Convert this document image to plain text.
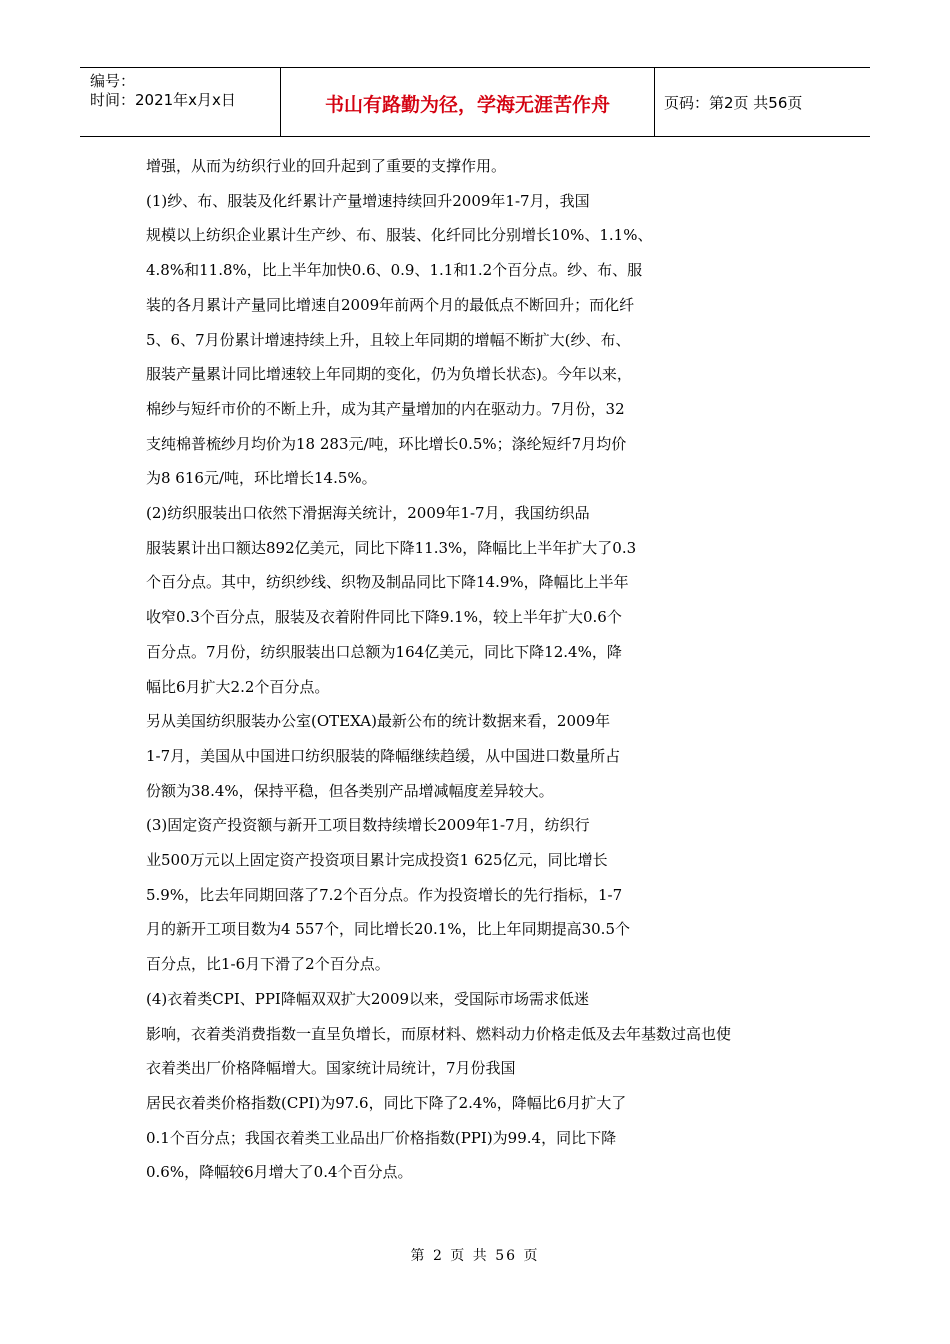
编号：
时间：2021年x月x日	书山有路勤为径，学海无涯苦作舟	页码：第2页 共56页
增强，从而为纺织行业的回升起到了重要的支撑作用。
(1)纱、布、服装及化纤累计产量增速持续回升2009年1-7月，我国
规模以上纺织企业累计生产纱、布、服装、化纤同比分别增长10%、1.1%、
4.8%和11.8%，比上半年加快0.6、0.9、1.1和1.2个百分点。纱、布、服
装的各月累计产量同比增速自2009年前两个月的最低点不断回升；而化纤
5、6、7月份累计增速持续上升，且较上年同期的增幅不断扩大(纱、布、
服装产量累计同比增速较上年同期的变化，仍为负增长状态)。今年以来，
棉纱与短纤市价的不断上升，成为其产量增加的内在驱动力。7月份，32
支纯棉普梳纱月均价为18 283元/吨，环比增长0.5%；涤纶短纤7月均价
为8 616元/吨，环比增长14.5%。
(2)纺织服装出口依然下滑据海关统计，2009年1-7月，我国纺织品
服装累计出口额达892亿美元，同比下降11.3%，降幅比上半年扩大了0.3
个百分点。其中，纺织纱线、织物及制品同比下降14.9%，降幅比上半年
收窄0.3个百分点，服装及衣着附件同比下降9.1%，较上半年扩大0.6个
百分点。7月份，纺织服装出口总额为164亿美元，同比下降12.4%，降
幅比6月扩大2.2个百分点。
另从美国纺织服装办公室(OTEXA)最新公布的统计数据来看，2009年
1-7月，美国从中国进口纺织服装的降幅继续趋缓，从中国进口数量所占
份额为38.4%，保持平稳，但各类别产品增减幅度差异较大。
(3)固定资产投资额与新开工项目数持续增长2009年1-7月，纺织行
业500万元以上固定资产投资项目累计完成投资1 625亿元，同比增长
5.9%，比去年同期回落了7.2个百分点。作为投资增长的先行指标，1-7
月的新开工项目数为4 557个，同比增长20.1%，比上年同期提高30.5个
百分点，比1-6月下滑了2个百分点。
(4)衣着类CPI、PPI降幅双双扩大2009以来，受国际市场需求低迷
影响，衣着类消费指数一直呈负增长，而原材料、燃料动力价格走低及去年基数过高也使
衣着类出厂价格降幅增大。国家统计局统计，7月份我国
居民衣着类价格指数(CPI)为97.6，同比下降了2.4%，降幅比6月扩大了
0.1个百分点；我国衣着类工业品出厂价格指数(PPI)为99.4，同比下降
0.6%，降幅较6月增大了0.4个百分点。
第 2 页 共 56 页
